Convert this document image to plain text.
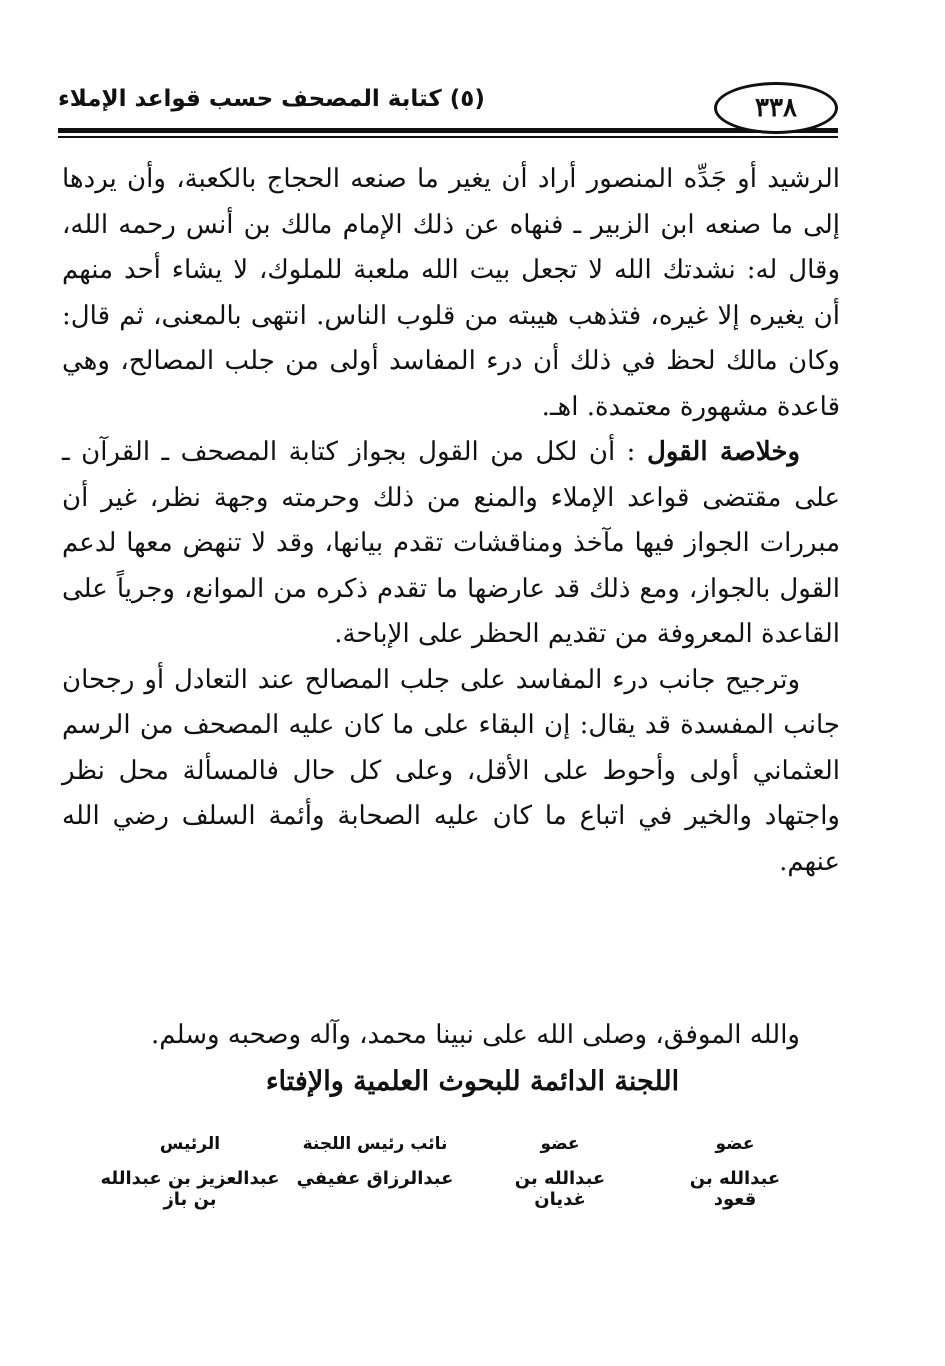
٣٣٨
(٥) كتابة المصحف حسب قواعد الإملاء

الرشيد أو جَدِّه المنصور أراد أن يغير ما صنعه الحجاج بالكعبة، وأن يردها إلى ما صنعه ابن الزبير ـ فنهاه عن ذلك الإمام مالك بن أنس رحمه الله، وقال له: نشدتك الله لا تجعل بيت الله ملعبة للملوك، لا يشاء أحد منهم أن يغيره إلا غيره، فتذهب هيبته من قلوب الناس. انتهى بالمعنى، ثم قال: وكان مالك لحظ في ذلك أن درء المفاسد أولى من جلب المصالح، وهي قاعدة مشهورة معتمدة. اهـ.

وخلاصة القول : أن لكل من القول بجواز كتابة المصحف ـ القرآن ـ على مقتضى قواعد الإملاء والمنع من ذلك وحرمته وجهة نظر، غير أن مبررات الجواز فيها مآخذ ومناقشات تقدم بيانها، وقد لا تنهض معها لدعم القول بالجواز، ومع ذلك قد عارضها ما تقدم ذكره من الموانع، وجرياً على القاعدة المعروفة من تقديم الحظر على الإباحة.

وترجيح جانب درء المفاسد على جلب المصالح عند التعادل أو رجحان جانب المفسدة قد يقال: إن البقاء على ما كان عليه المصحف من الرسم العثماني أولى وأحوط على الأقل، وعلى كل حال فالمسألة محل نظر واجتهاد والخير في اتباع ما كان عليه الصحابة وأئمة السلف رضي الله عنهم.

والله الموفق، وصلى الله على نبينا محمد، وآله وصحبه وسلم.
اللجنة الدائمة للبحوث العلمية والإفتاء
عضو
عبدالله بن قعود
عضو
عبدالله بن غديان
نائب رئيس اللجنة
عبدالرزاق عفيفي
الرئيس
عبدالعزيز بن عبدالله بن باز
